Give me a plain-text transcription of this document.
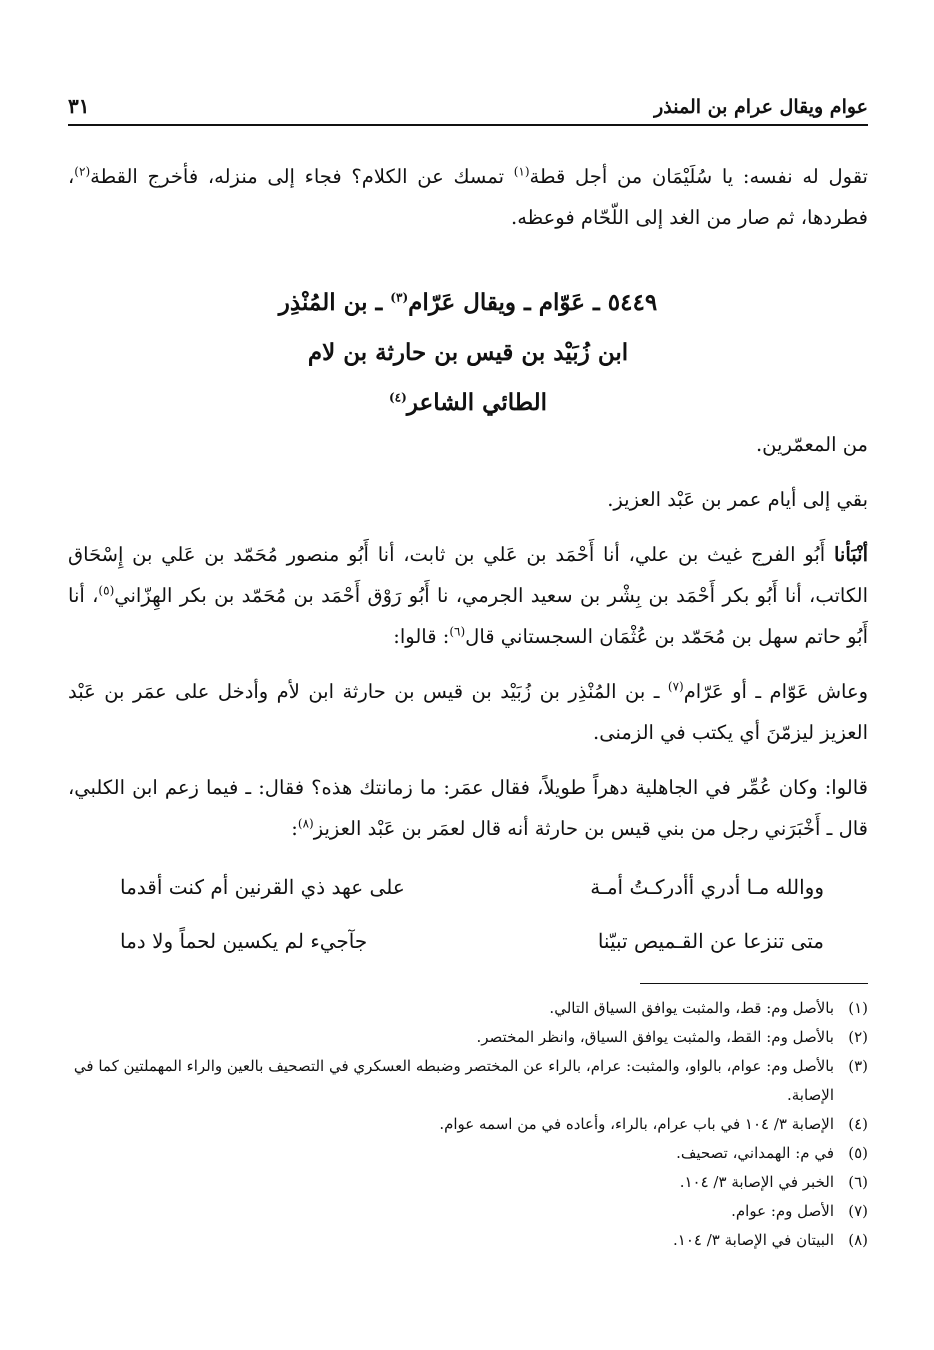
٣١	عوام ويقال عرام بن المنذر

تقول له نفسه: يا سُلَيْمَان من أجل قطة$^{(١)}$ تمسك عن الكلام؟ فجاء إلى منزله، فأخرج القطة$^{(٢)}$، فطردها، ثم صار من الغد إلى اللّحّام فوعظه.

٥٤٤٩ ـ عَوّام ـ ويقال عَرّام$^{(٣)}$ ـ بن المُنْذِر
ابن زُبَيْد بن قيس بن حارثة بن لام
الطائي الشاعر$^{(٤)}$

من المعمّرين.

بقي إلى أيام عمر بن عَبْد العزيز.

أنْبَأنا أَبُو الفرج غيث بن علي، أنا أَحْمَد بن عَلي بن ثابت، أنا أَبُو منصور مُحَمّد بن عَلي بن إِسْحَاق الكاتب، أنا أَبُو بكر أَحْمَد بن بِشْر بن سعيد الجرمي، نا أَبُو رَوْق أَحْمَد بن مُحَمّد بن بكر الهِزّاني$^{(٥)}$، أنا أَبُو حاتم سهل بن مُحَمّد بن عُثْمَان السجستاني قال$^{(٦)}$: قالوا:

وعاش عَوّام ـ أو عَرّام$^{(٧)}$ ـ بن المُنْذِر بن زُبَيْد بن قيس بن حارثة ابن لأم وأدخل على عمَر بن عَبْد العزيز ليزمّنَ أي يكتب في الزمنى.

قالوا: وكان عُمِّر في الجاهلية دهراً طويلاً، فقال عمَر: ما زمانتك هذه؟ فقال: ـ فيما زعم ابن الكلبي، قال ـ أَخْبَرَني رجل من بني قيس بن حارثة أنه قال لعمَر بن عَبْد العزيز$^{(٨)}$:

ووالله مـا أدري أأدركـتُ أمـة
على عهد ذي القرنين أم كنت أقدما
متى تنزعا عن القـميص تبيّنا
جآجيء لم يكسين لحماً ولا دما
(١)
بالأصل وم: قط، والمثبت يوافق السياق التالي.
(٢)
بالأصل وم: القط، والمثبت يوافق السياق، وانظر المختصر.
(٣)
بالأصل وم: عوام، بالواو، والمثبت: عرام، بالراء عن المختصر وضبطه العسكري في التصحيف بالعين والراء المهملتين كما في الإصابة.
(٤)
الإصابة ٣/ ١٠٤ في باب عرام، بالراء، وأعاده في من اسمه عوام.
(٥)
في م: الهمداني، تصحيف.
(٦)
الخبر في الإصابة ٣/ ١٠٤.
(٧)
الأصل وم: عوام.
(٨)
البيتان في الإصابة ٣/ ١٠٤.
